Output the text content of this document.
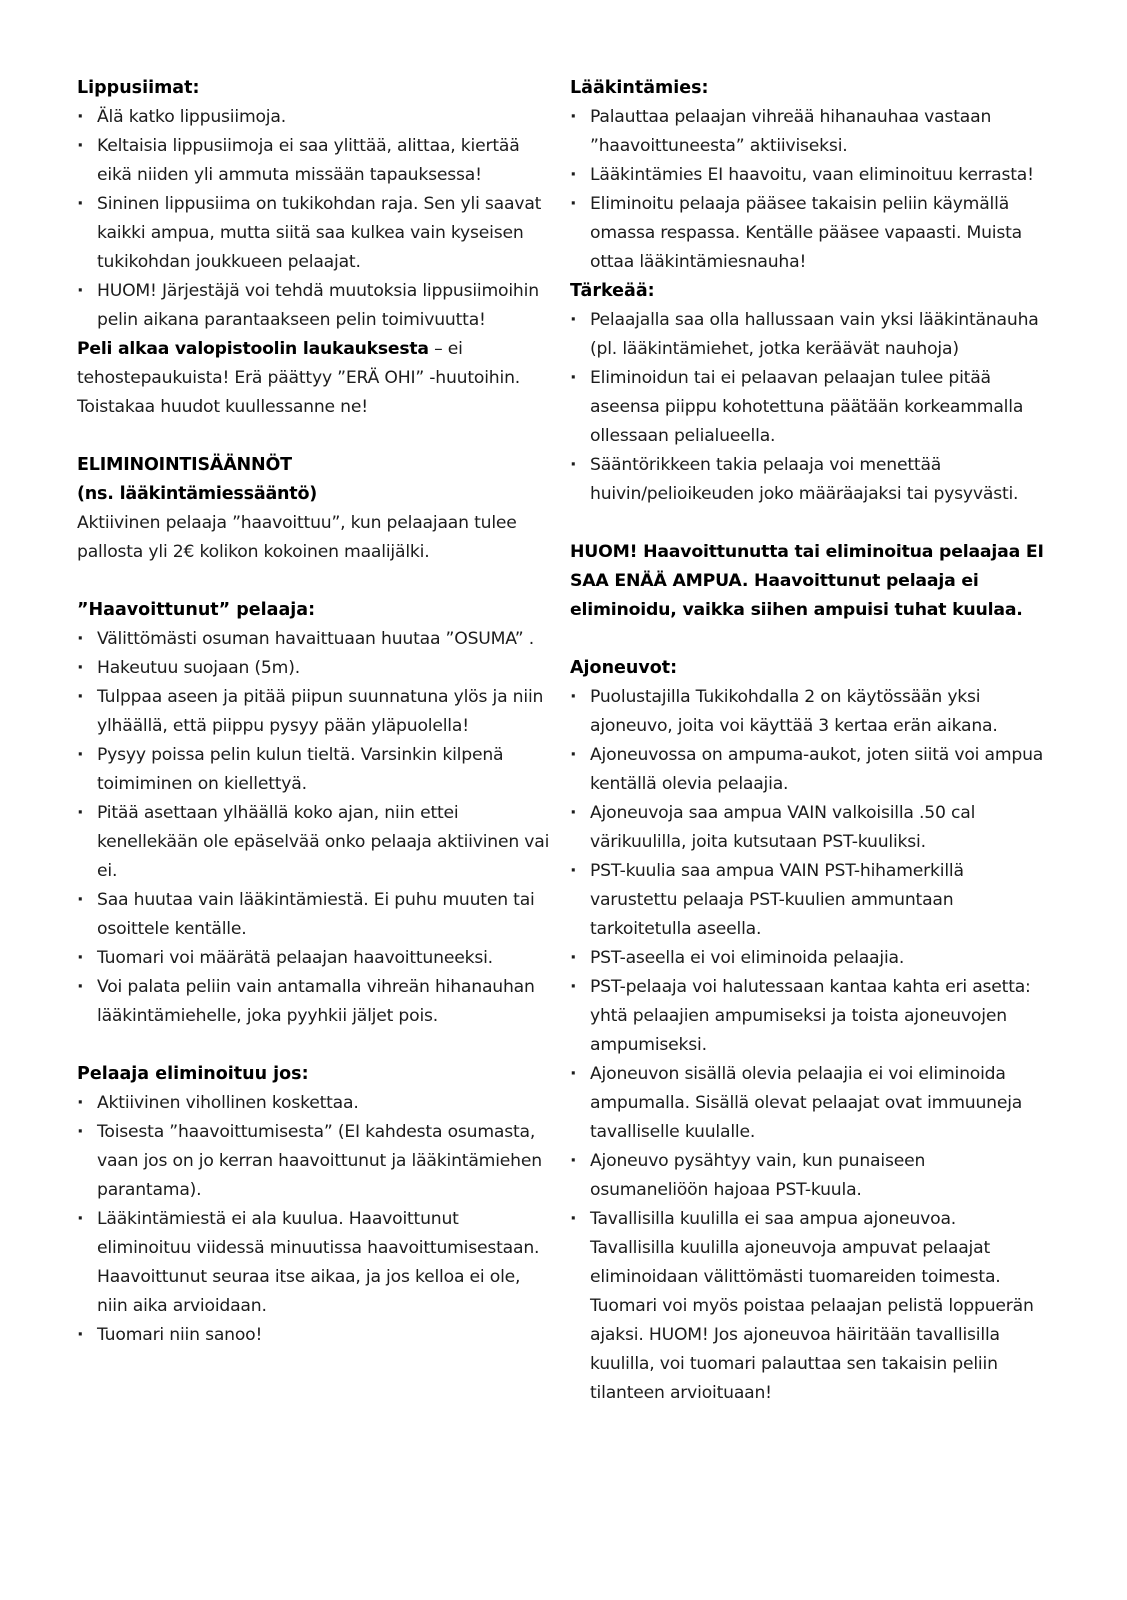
Lippusiimat:
· Älä katko lippusiimoja.
· Keltaisia lippusiimoja ei saa ylittää, alittaa, kiertää eikä niiden yli ammuta missään tapauksessa!
· Sininen lippusiima on tukikohdan raja. Sen yli saavat kaikki ampua, mutta siitä saa kulkea vain kyseisen tukikohdan joukkueen pelaajat.
· HUOM! Järjestäjä voi tehdä muutoksia lippusiimoihin pelin aikana parantaakseen pelin toimivuutta!

Peli alkaa valopistoolin laukauksesta – ei tehostepaukuista! Erä päättyy ”ERÄ OHI” -huutoihin. Toistakaa huudot kuullessanne ne!

ELIMINOINTISÄÄNNÖT
(ns. lääkintämiessääntö)

Aktiivinen pelaaja ”haavoittuu”, kun pelaajaan tulee pallosta yli 2€ kolikon kokoinen maalijälki.

”Haavoittunut” pelaaja:
· Välittömästi osuman havaittuaan huutaa ”OSUMA” .
· Hakeutuu suojaan (5m).
· Tulppaa aseen ja pitää piipun suunnatuna ylös ja niin ylhäällä, että piippu pysyy pään yläpuolella!
· Pysyy poissa pelin kulun tieltä. Varsinkin kilpenä toimiminen on kiellettyä.
· Pitää asettaan ylhäällä koko ajan, niin ettei kenellekään ole epäselvää onko pelaaja aktiivinen vai ei.
· Saa huutaa vain lääkintämiestä. Ei puhu muuten tai osoittele kentälle.
· Tuomari voi määrätä pelaajan haavoittuneeksi.
· Voi palata peliin vain antamalla vihreän hihanauhan lääkintämiehelle, joka pyyhkii jäljet pois.
Pelaaja eliminoituu jos:
· Aktiivinen vihollinen koskettaa.
· Toisesta ”haavoittumisesta” (EI kahdesta osumasta, vaan jos on jo kerran haavoittunut ja lääkintämiehen parantama).
· Lääkintämiestä ei ala kuulua. Haavoittunut eliminoituu viidessä minuutissa haavoittumisestaan. Haavoittunut seuraa itse aikaa, ja jos kelloa ei ole, niin aika arvioidaan.
· Tuomari niin sanoo!
Lääkintämies:
· Palauttaa pelaajan vihreää hihanauhaa vastaan ”haavoittuneesta” aktiiviseksi.
· Lääkintämies EI haavoitu, vaan eliminoituu kerrasta!
· Eliminoitu pelaaja pääsee takaisin peliin käymällä omassa respassa. Kentälle pääsee vapaasti. Muista ottaa lääkintämiesnauha!
Tärkeää:
· Pelaajalla saa olla hallussaan vain yksi lääkintänauha (pl. lääkintämiehet, jotka keräävät nauhoja)
· Eliminoidun tai ei pelaavan pelaajan tulee pitää aseensa piippu kohotettuna päätään korkeammalla ollessaan pelialueella.
· Sääntörikkeen takia pelaaja voi menettää huivin/pelioikeuden joko määräajaksi tai pysyvästi.

HUOM! Haavoittunutta tai eliminoitua pelaajaa EI SAA ENÄÄ AMPUA. Haavoittunut pelaaja ei eliminoidu, vaikka siihen ampuisi tuhat kuulaa.

Ajoneuvot:
· Puolustajilla Tukikohdalla 2 on käytössään yksi ajoneuvo, joita voi käyttää 3 kertaa erän aikana.
· Ajoneuvossa on ampuma-aukot, joten siitä voi ampua kentällä olevia pelaajia.
· Ajoneuvoja saa ampua VAIN valkoisilla .50 cal värikuulilla, joita kutsutaan PST-kuuliksi.
· PST-kuulia saa ampua VAIN PST-hihamerkillä varustettu pelaaja PST-kuulien ammuntaan tarkoitetulla aseella.
· PST-aseella ei voi eliminoida pelaajia.
· PST-pelaaja voi halutessaan kantaa kahta eri asetta: yhtä pelaajien ampumiseksi ja toista ajoneuvojen ampumiseksi.
· Ajoneuvon sisällä olevia pelaajia ei voi eliminoida ampumalla. Sisällä olevat pelaajat ovat immuuneja tavalliselle kuulalle.
· Ajoneuvo pysähtyy vain, kun punaiseen osumaneliöön hajoaa PST-kuula.
· Tavallisilla kuulilla ei saa ampua ajoneuvoa. Tavallisilla kuulilla ajoneuvoja ampuvat pelaajat eliminoidaan välittömästi tuomareiden toimesta. Tuomari voi myös poistaa pelaajan pelistä loppuerän ajaksi. HUOM! Jos ajoneuvoa häiritään tavallisilla kuulilla, voi tuomari palauttaa sen takaisin peliin tilanteen arvioituaan!
